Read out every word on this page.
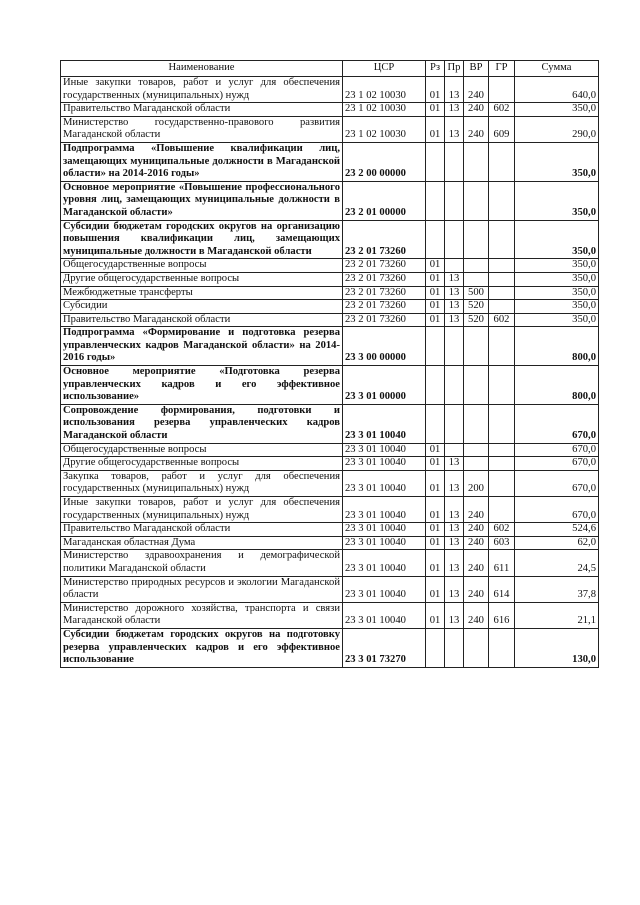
Наименование	ЦСР	Рз	Пр	ВР	ГР	Сумма
Иные закупки товаров, работ и услуг для обеспечения государственных (муниципальных) нужд	23 1 02 10030	01	13	240		640,0
Правительство Магаданской области	23 1 02 10030	01	13	240	602	350,0
Министерство государственно-правового развития Магаданской области	23 1 02 10030	01	13	240	609	290,0
Подпрограмма «Повышение квалификации лиц, замещающих муниципальные должности в Магаданской области» на 2014-2016 годы»	23 2 00 00000					350,0
Основное мероприятие «Повышение профессионального уровня лиц, замещающих муниципальные должности в Магаданской области»	23 2 01 00000					350,0
Субсидии бюджетам городских округов на организацию повышения квалификации лиц, замещающих муниципальные должности в Магаданской области	23 2 01 73260					350,0
Общегосударственные вопросы	23 2 01 73260	01				350,0
Другие общегосударственные вопросы	23 2 01 73260	01	13			350,0
Межбюджетные трансферты	23 2 01 73260	01	13	500		350,0
Субсидии	23 2 01 73260	01	13	520		350,0
Правительство Магаданской области	23 2 01 73260	01	13	520	602	350,0
Подпрограмма «Формирование и подготовка резерва управленческих кадров Магаданской области» на 2014-2016 годы»	23 3 00 00000					800,0
Основное мероприятие «Подготовка резерва управленческих кадров и его эффективное использование»	23 3 01 00000					800,0
Сопровождение формирования, подготовки и использования резерва управленческих кадров Магаданской области	23 3 01 10040					670,0
Общегосударственные вопросы	23 3 01 10040	01				670,0
Другие общегосударственные вопросы	23 3 01 10040	01	13			670,0
Закупка товаров, работ и услуг для обеспечения государственных (муниципальных) нужд	23 3 01 10040	01	13	200		670,0
Иные закупки товаров, работ и услуг для обеспечения государственных (муниципальных) нужд	23 3 01 10040	01	13	240		670,0
Правительство Магаданской области	23 3 01 10040	01	13	240	602	524,6
Магаданская областная Дума	23 3 01 10040	01	13	240	603	62,0
Министерство здравоохранения и демографической политики Магаданской области	23 3 01 10040	01	13	240	611	24,5
Министерство природных ресурсов и экологии Магаданской области	23 3 01 10040	01	13	240	614	37,8
Министерство дорожного хозяйства, транспорта и связи Магаданской области	23 3 01 10040	01	13	240	616	21,1
Субсидии бюджетам городских округов на подготовку резерва управленческих кадров и его эффективное использование	23 3 01 73270					130,0
